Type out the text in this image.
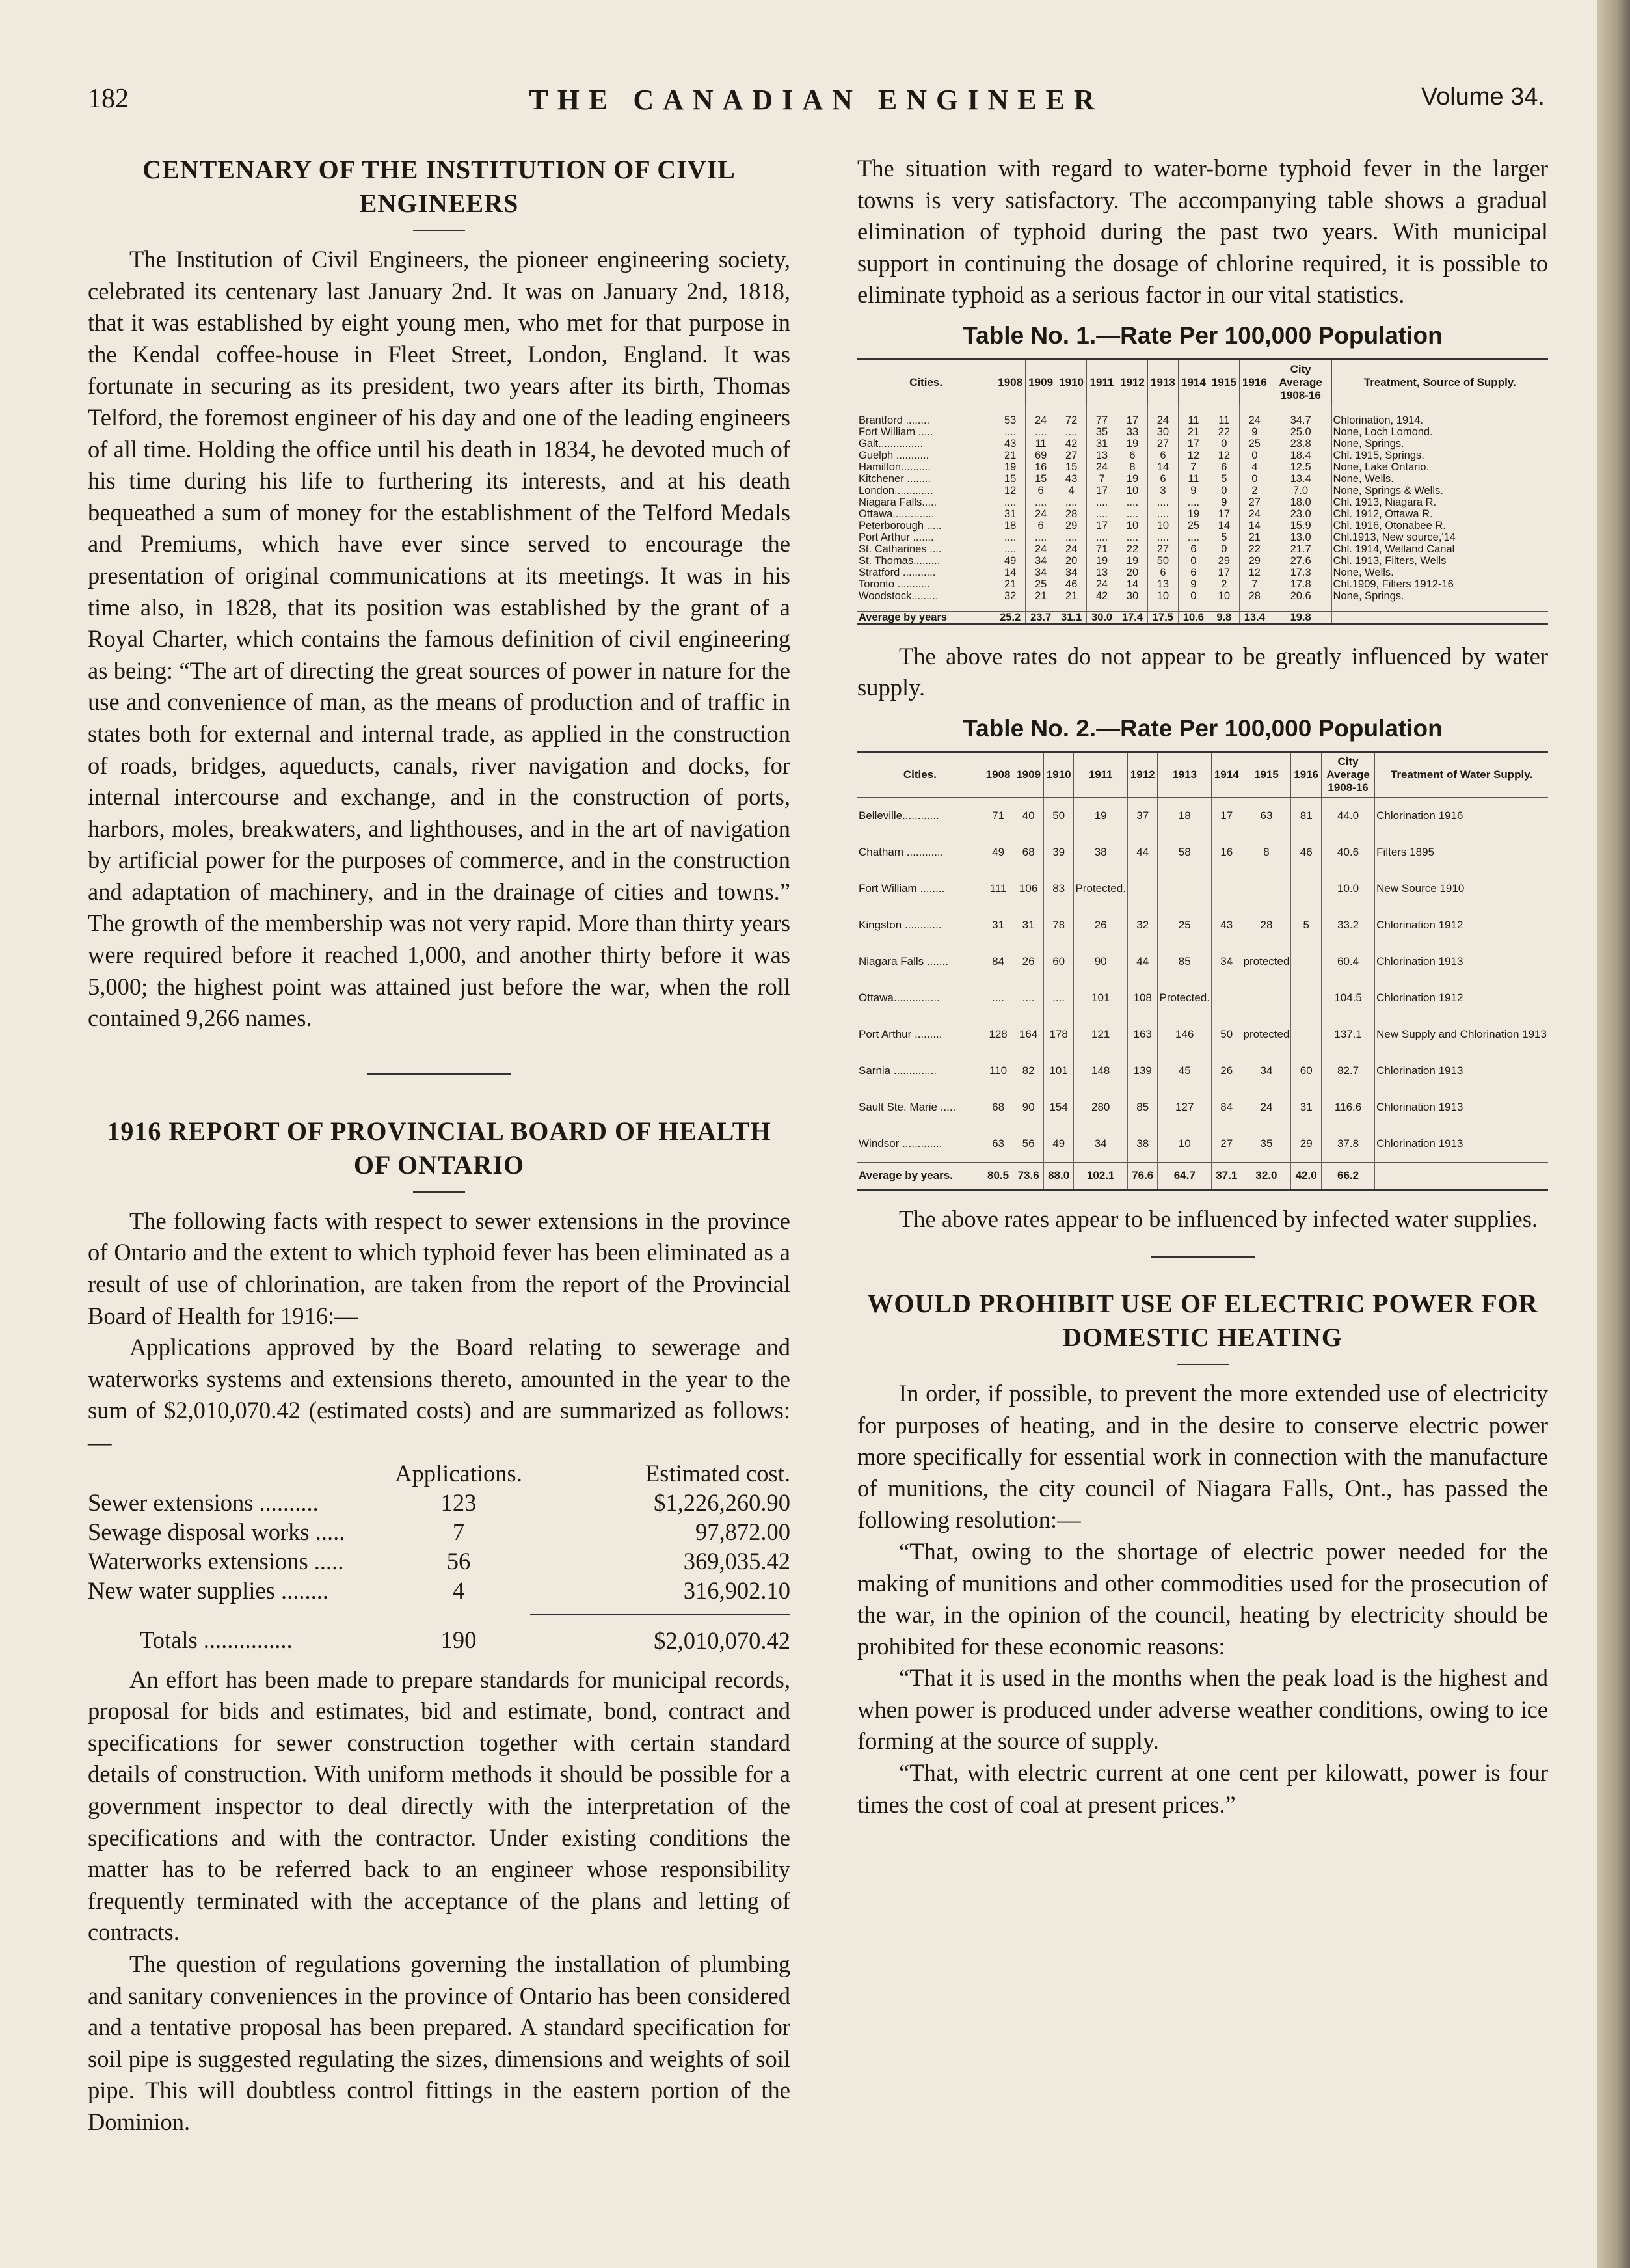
182	THE CANADIAN ENGINEER	Volume 34.
CENTENARY OF THE INSTITUTION OF CIVIL ENGINEERS

The Institution of Civil Engineers, the pioneer engineering society, celebrated its centenary last January 2nd. It was on January 2nd, 1818, that it was established by eight young men, who met for that purpose in the Kendal coffee-house in Fleet Street, London, England. It was fortunate in securing as its president, two years after its birth, Thomas Telford, the foremost engineer of his day and one of the leading engineers of all time. Holding the office until his death in 1834, he devoted much of his time during his life to furthering its interests, and at his death bequeathed a sum of money for the establishment of the Telford Medals and Premiums, which have ever since served to encourage the presentation of original communications at its meetings. It was in his time also, in 1828, that its position was established by the grant of a Royal Charter, which contains the famous definition of civil engineering as being: “The art of directing the great sources of power in nature for the use and convenience of man, as the means of production and of traffic in states both for external and internal trade, as applied in the construction of roads, bridges, aqueducts, canals, river navigation and docks, for internal intercourse and exchange, and in the construction of ports, harbors, moles, breakwaters, and lighthouses, and in the art of navigation by artificial power for the purposes of commerce, and in the construction and adaptation of machinery, and in the drainage of cities and towns.” The growth of the membership was not very rapid. More than thirty years were required before it reached 1,000, and another thirty before it was 5,000; the highest point was attained just before the war, when the roll contained 9,266 names.

1916 REPORT OF PROVINCIAL BOARD OF HEALTH OF ONTARIO

The following facts with respect to sewer extensions in the province of Ontario and the extent to which typhoid fever has been eliminated as a result of use of chlorination, are taken from the report of the Provincial Board of Health for 1916:—

Applications approved by the Board relating to sewerage and waterworks systems and extensions thereto, amounted in the year to the sum of $2,010,070.42 (estimated costs) and are summarized as follows:—

	Applications.	Estimated cost.
Sewer extensions ..........	123	$1,226,260.90
Sewage disposal works .....	7	97,872.00
Waterworks extensions .....	56	369,035.42
New water supplies ........	4	316,902.10

Totals ...............	190	$2,010,070.42

An effort has been made to prepare standards for municipal records, proposal for bids and estimates, bid and estimate, bond, contract and specifications for sewer construction together with certain standard details of construction. With uniform methods it should be possible for a government inspector to deal directly with the interpretation of the specifications and with the contractor. Under existing conditions the matter has to be referred back to an engineer whose responsibility frequently terminated with the acceptance of the plans and letting of contracts.

The question of regulations governing the installation of plumbing and sanitary conveniences in the province of Ontario has been considered and a tentative proposal has been prepared. A standard specification for soil pipe is suggested regulating the sizes, dimensions and weights of soil pipe. This will doubtless control fittings in the eastern portion of the Dominion.

The situation with regard to water-borne typhoid fever in the larger towns is very satisfactory. The accompanying table shows a gradual elimination of typhoid during the past two years. With municipal support in continuing the dosage of chlorine required, it is possible to eliminate typhoid as a serious factor in our vital statistics.

Table No. 1.—Rate Per 100,000 Population
Cities.	1908	1909	1910	1911	1912	1913	1914	1915	1916	City Average 1908-16	Treatment, Source of Supply.

Brantford ........	53	24	72	77	17	24	11	11	24	34.7	Chlorination, 1914.
Fort William .....	....	....	....	35	33	30	21	22	9	25.0	None, Loch Lomond.
Galt...............	43	11	42	31	19	27	17	0	25	23.8	None, Springs.
Guelph ...........	21	69	27	13	6	6	12	12	0	18.4	Chl. 1915, Springs.
Hamilton..........	19	16	15	24	8	14	7	6	4	12.5	None, Lake Ontario.
Kitchener ........	15	15	43	7	19	6	11	5	0	13.4	None, Wells.
London.............	12	6	4	17	10	3	9	0	2	7.0	None, Springs & Wells.
Niagara Falls.....	....	....	....	....	....	....	....	9	27	18.0	Chl. 1913, Niagara R.
Ottawa..............	31	24	28	....	....	....	19	17	24	23.0	Chl. 1912, Ottawa R.
Peterborough .....	18	6	29	17	10	10	25	14	14	15.9	Chl. 1916, Otonabee R.
Port Arthur .......	....	....	....	....	....	....	....	5	21	13.0	Chl.1913, New source,'14
St. Catharines ....	....	24	24	71	22	27	6	0	22	21.7	Chl. 1914, Welland Canal
St. Thomas.........	49	34	20	19	19	50	0	29	29	27.6	Chl. 1913, Filters, Wells
Stratford ...........	14	34	34	13	20	6	6	17	12	17.3	None, Wells.
Toronto ...........	21	25	46	24	14	13	9	2	7	17.8	Chl.1909, Filters 1912-16
Woodstock.........	32	21	21	42	30	10	0	10	28	20.6	None, Springs.

Average by years	25.2	23.7	31.1	30.0	17.4	17.5	10.6	9.8	13.4	19.8	

The above rates do not appear to be greatly influenced by water supply.

Table No. 2.—Rate Per 100,000 Population
Cities.	1908	1909	1910	1911	1912	1913	1914	1915	1916	City Average 1908-16	Treatment of Water Supply.
Belleville............	71	40	50	19	37	18	17	63	81	44.0	Chlorination 1916
Chatham ............	49	68	39	38	44	58	16	8	46	40.6	Filters 1895
Fort William ........	111	106	83	Protected.						10.0	New Source 1910
Kingston ............	31	31	78	26	32	25	43	28	5	33.2	Chlorination 1912
Niagara Falls .......	84	26	60	90	44	85	34	protected		60.4	Chlorination 1913
Ottawa...............	....	....	....	101	108	Protected.				104.5	Chlorination 1912
Port Arthur .........	128	164	178	121	163	146	50	protected		137.1	New Supply and Chlorination 1913
Sarnia ..............	110	82	101	148	139	45	26	34	60	82.7	Chlorination 1913
Sault Ste. Marie .....	68	90	154	280	85	127	84	24	31	116.6	Chlorination 1913
Windsor .............	63	56	49	34	38	10	27	35	29	37.8	Chlorination 1913
Average by years.	80.5	73.6	88.0	102.1	76.6	64.7	37.1	32.0	42.0	66.2	

The above rates appear to be influenced by infected water supplies.

WOULD PROHIBIT USE OF ELECTRIC POWER FOR DOMESTIC HEATING

In order, if possible, to prevent the more extended use of electricity for purposes of heating, and in the desire to conserve electric power more specifically for essential work in connection with the manufacture of munitions, the city council of Niagara Falls, Ont., has passed the following resolution:—

“That, owing to the shortage of electric power needed for the making of munitions and other commodities used for the prosecution of the war, in the opinion of the council, heating by electricity should be prohibited for these economic reasons:

“That it is used in the months when the peak load is the highest and when power is produced under adverse weather conditions, owing to ice forming at the source of supply.

“That, with electric current at one cent per kilowatt, power is four times the cost of coal at present prices.”
